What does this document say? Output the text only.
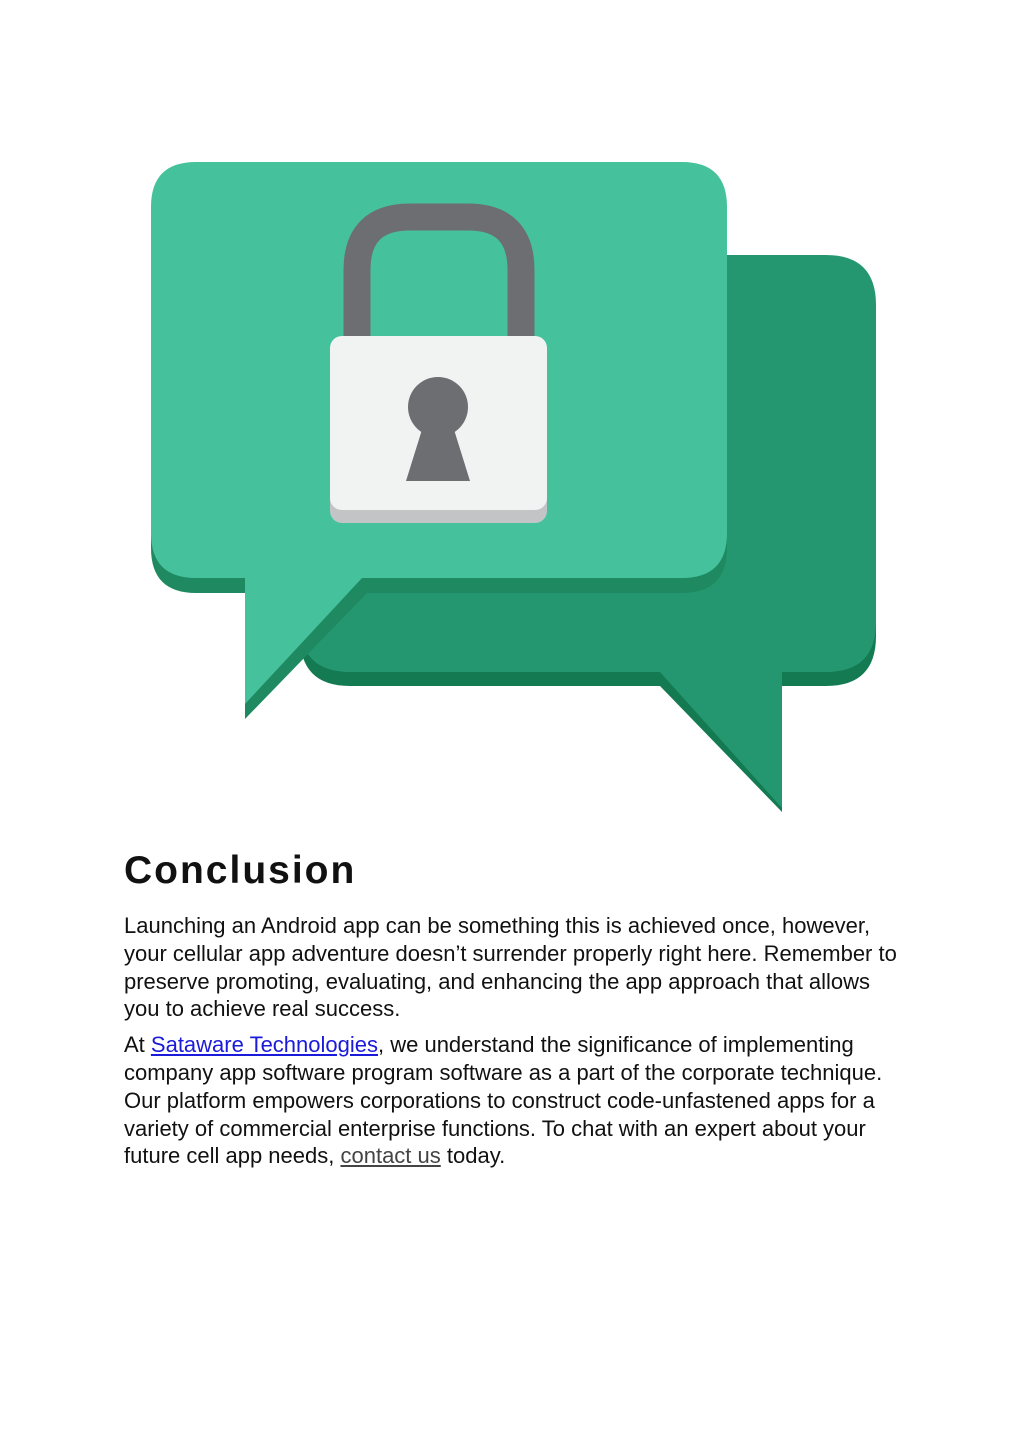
Conclusion

Launching an Android app can be something this is achieved once, however, your cellular app adventure doesn’t surrender properly right here. Remember to preserve promoting, evaluating, and enhancing the app approach that allows you to achieve real success.

At Sataware Technologies, we understand the significance of implementing company app software program software as a part of the corporate technique. Our platform empowers corporations to construct code-unfastened apps for a variety of commercial enterprise functions. To chat with an expert about your future cell app needs, contact us today.
